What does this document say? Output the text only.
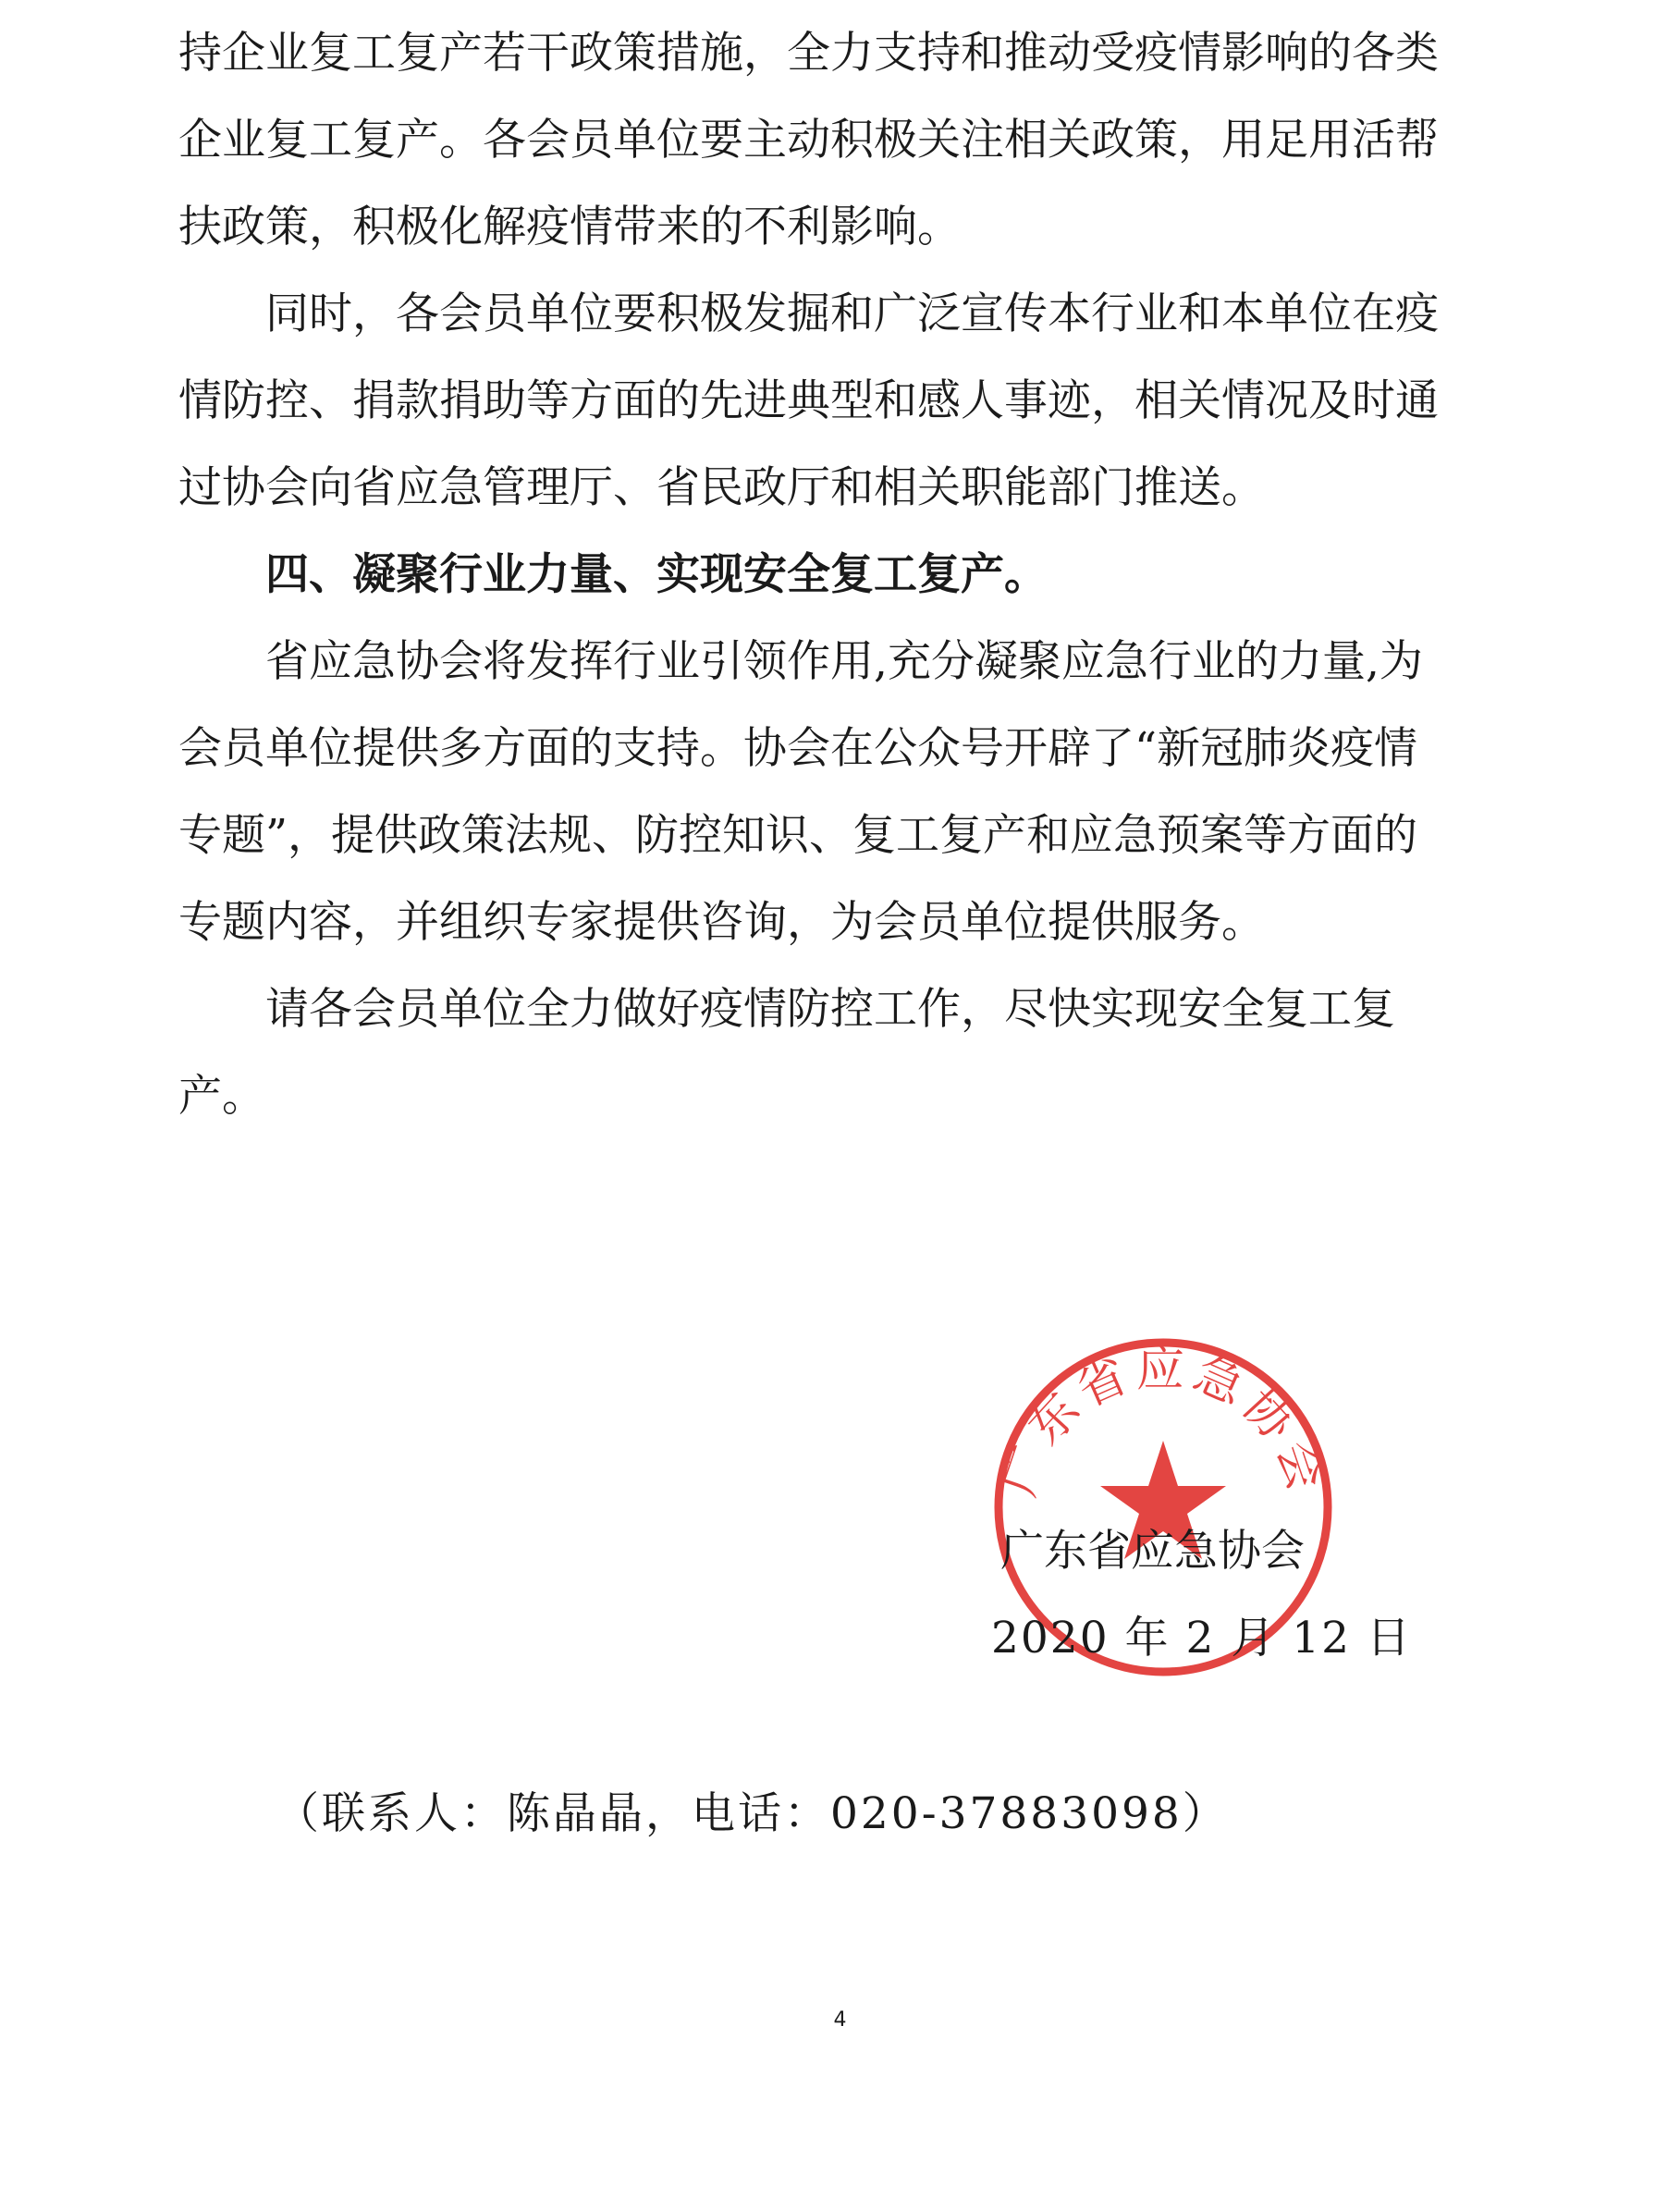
持企业复工复产若干政策措施，全力支持和推动受疫情影响的各类
企业复工复产。各会员单位要主动积极关注相关政策，用足用活帮
扶政策，积极化解疫情带来的不利影响。
　　同时，各会员单位要积极发掘和广泛宣传本行业和本单位在疫
情防控、捐款捐助等方面的先进典型和感人事迹，相关情况及时通
过协会向省应急管理厅、省民政厅和相关职能部门推送。
　　四、凝聚行业力量、实现安全复工复产。
　　省应急协会将发挥行业引领作用,充分凝聚应急行业的力量,为
会员单位提供多方面的支持。协会在公众号开辟了“新冠肺炎疫情
专题”，提供政策法规、防控知识、复工复产和应急预案等方面的
专题内容，并组织专家提供咨询，为会员单位提供服务。
　　请各会员单位全力做好疫情防控工作，尽快实现安全复工复
产。
广东省应急协会
广东省应急协会
2020 年 2 月 12 日
（联系人：陈晶晶，电话：020-37883098）
4
